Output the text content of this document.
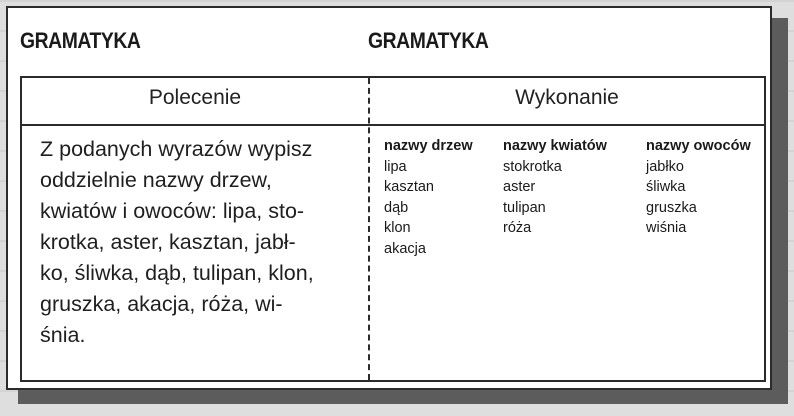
GRAMATYKA	GRAMATYKA
Polecenie	Wykonanie
Z podanych wyrazów wypisz
oddzielnie nazwy drzew,
kwiatów i owoców: lipa, sto-
krotka, aster, kasztan, jabł-
ko, śliwka, dąb, tulipan, klon,
gruszka, akacja, róża, wi-
śnia.
nazwy drzew
lipa
kasztan
dąb
klon
akacja
nazwy kwiatów
stokrotka
aster
tulipan
róża
nazwy owoców
jabłko
śliwka
gruszka
wiśnia
